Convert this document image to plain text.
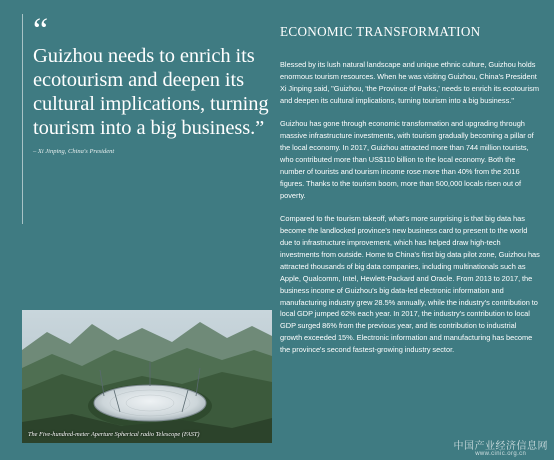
“
Guizhou needs to enrich its ecotourism and deepen its cultural implications, turning tourism into a big business.”
– Xi Jinping, China's President
The Five-hundred-meter Aperture Spherical radio Telescope (FAST)
ECONOMIC TRANSFORMATION

Blessed by its lush natural landscape and unique ethnic culture, Guizhou holds enormous tourism resources. When he was visiting Guizhou, China's President Xi Jinping said, "Guizhou, 'the Province of Parks,' needs to enrich its ecotourism and deepen its cultural implications, turning tourism into a big business."

Guizhou has gone through economic transformation and upgrading through massive infrastructure investments, with tourism gradually becoming a pillar of the local economy. In 2017, Guizhou attracted more than 744 million tourists, who contributed more than US$110 billion to the local economy. Both the number of tourists and tourism income rose more than 40% from the 2016 figures. Thanks to the tourism boom, more than 500,000 locals risen out of poverty.

Compared to the tourism takeoff, what's more surprising is that big data has become the landlocked province's new business card to present to the world due to infrastructure improvement, which has helped draw high-tech investments from outside. Home to China's first big data pilot zone, Guizhou has attracted thousands of big data companies, including multinationals such as Apple, Qualcomm, Intel, Hewlett-Packard and Oracle. From 2013 to 2017, the business income of Guizhou's big data-led electronic information and manufacturing industry grew 28.5% annually, while the industry's contribution to local GDP jumped 62% each year. In 2017, the industry's contribution to local GDP surged 86% from the previous year, and its contribution to industrial growth exceeded 15%. Electronic information and manufacturing has become the province's second fastest-growing industry sector.

中国产业经济信息网
www.cinic.org.cn
